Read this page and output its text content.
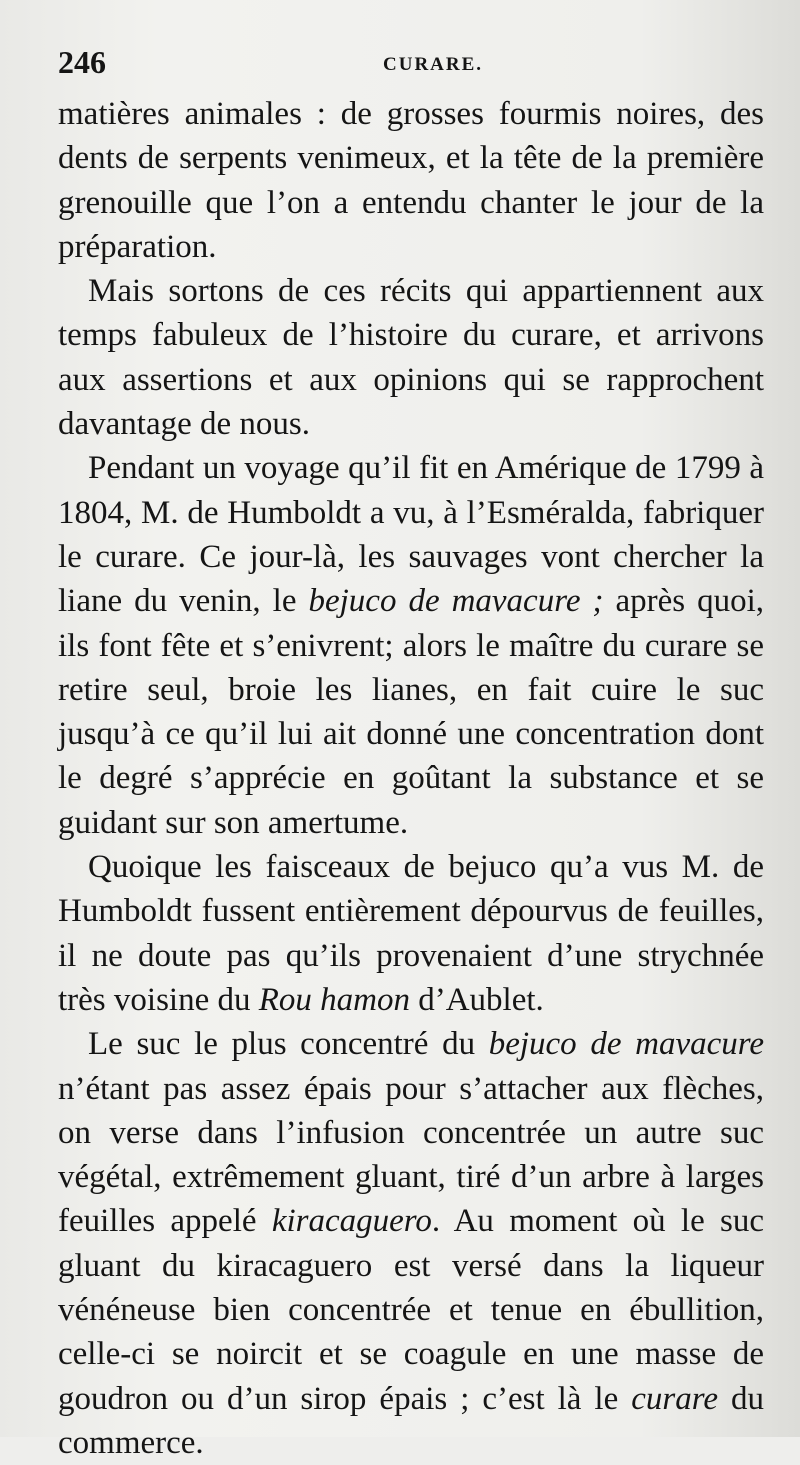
246	CURARE.

matières animales : de grosses fourmis noires, des dents de serpents venimeux, et la tête de la première grenouille que l’on a entendu chanter le jour de la préparation.

Mais sortons de ces récits qui appartiennent aux temps fabuleux de l’histoire du curare, et arrivons aux assertions et aux opinions qui se rapprochent davantage de nous.

Pendant un voyage qu’il fit en Amérique de 1799 à 1804, M. de Humboldt a vu, à l’Esméralda, fabriquer le curare. Ce jour-là, les sauvages vont chercher la liane du venin, le bejuco de mavacure ; après quoi, ils font fête et s’enivrent; alors le maître du curare se retire seul, broie les lianes, en fait cuire le suc jusqu’à ce qu’il lui ait donné une concentration dont le degré s’apprécie en goûtant la substance et se guidant sur son amertume.

Quoique les faisceaux de bejuco qu’a vus M. de Humboldt fussent entièrement dépourvus de feuilles, il ne doute pas qu’ils provenaient d’une strychnée très voisine du Rou hamon d’Aublet.

Le suc le plus concentré du bejuco de mavacure n’étant pas assez épais pour s’attacher aux flèches, on verse dans l’infusion concentrée un autre suc végétal, extrêmement gluant, tiré d’un arbre à larges feuilles appelé kiracaguero. Au moment où le suc gluant du kiracaguero est versé dans la liqueur vénéneuse bien concentrée et tenue en ébullition, celle-ci se noircit et se coagule en une masse de goudron ou d’un sirop épais ; c’est là le curare du commerce.
